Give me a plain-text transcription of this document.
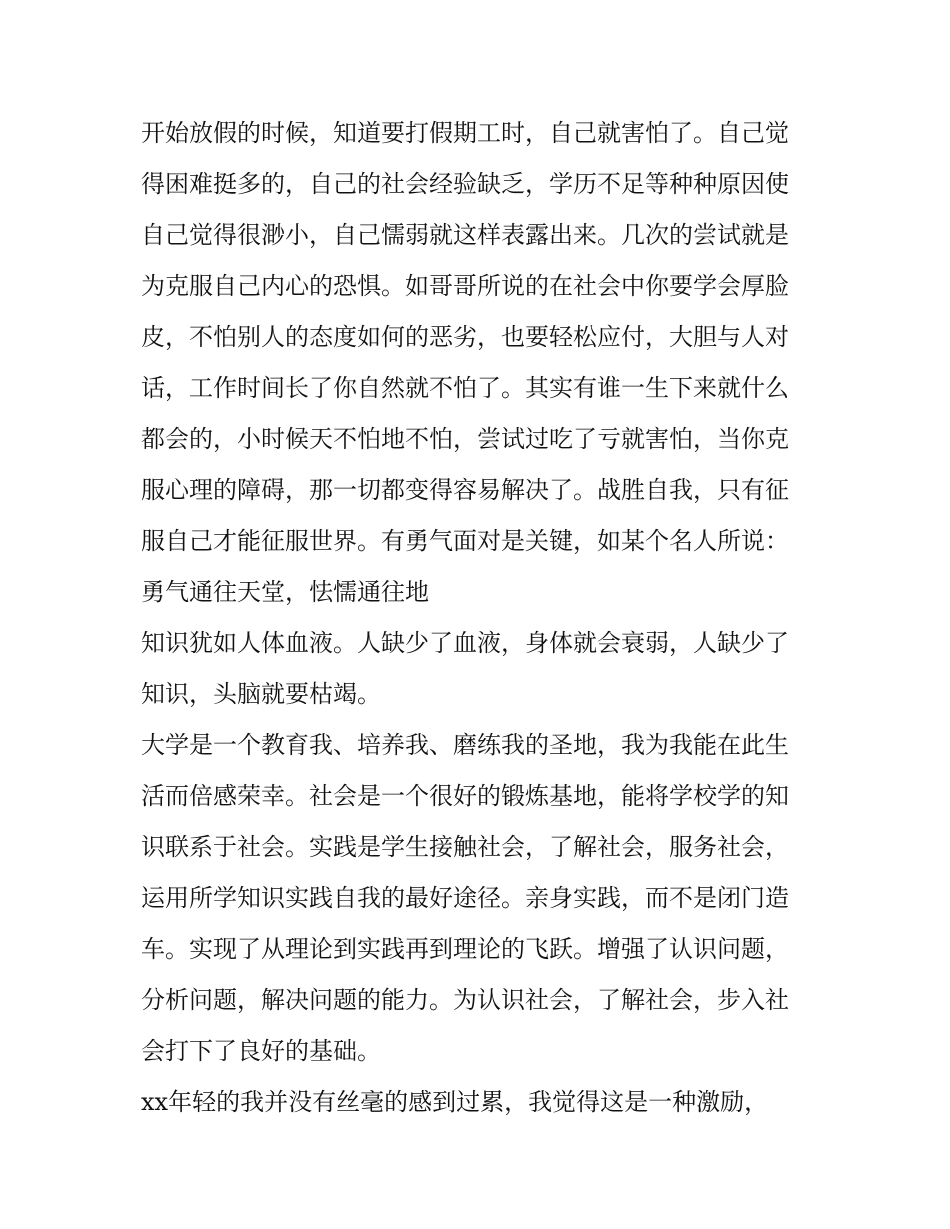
开始放假的时候，知道要打假期工时，自己就害怕了。自己觉
得困难挺多的，自己的社会经验缺乏，学历不足等种种原因使
自己觉得很渺小，自己懦弱就这样表露出来。几次的尝试就是
为克服自己内心的恐惧。如哥哥所说的在社会中你要学会厚脸
皮，不怕别人的态度如何的恶劣，也要轻松应付，大胆与人对
话，工作时间长了你自然就不怕了。其实有谁一生下来就什么
都会的，小时候天不怕地不怕，尝试过吃了亏就害怕，当你克
服心理的障碍，那一切都变得容易解决了。战胜自我，只有征
服自己才能征服世界。有勇气面对是关键，如某个名人所说：
勇气通往天堂，怯懦通往地
知识犹如人体血液。人缺少了血液，身体就会衰弱，人缺少了
知识，头脑就要枯竭。
大学是一个教育我、培养我、磨练我的圣地，我为我能在此生
活而倍感荣幸。社会是一个很好的锻炼基地，能将学校学的知
识联系于社会。实践是学生接触社会，了解社会，服务社会，
运用所学知识实践自我的最好途径。亲身实践，而不是闭门造
车。实现了从理论到实践再到理论的飞跃。增强了认识问题，
分析问题，解决问题的能力。为认识社会，了解社会，步入社
会打下了良好的基础。
xx年轻的我并没有丝毫的感到过累，我觉得这是一种激励，
